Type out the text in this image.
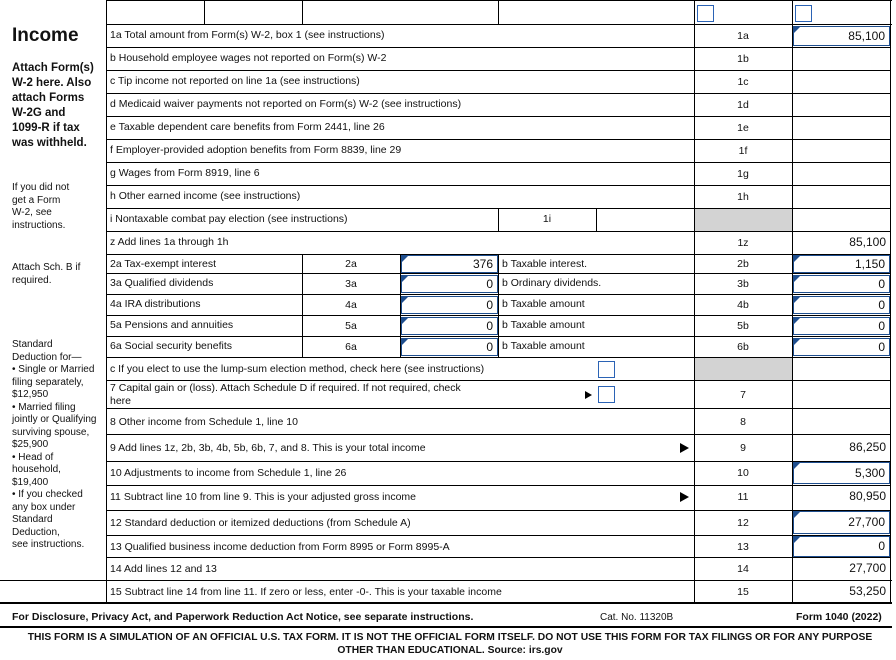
Income
Attach Form(s)
W-2 here. Also
attach Forms
W-2G and
1099-R if tax
was withheld.
If you did not
get a Form
W-2, see
instructions.
Attach Sch. B if
required.
Standard
Deduction for—
• Single or Married
filing separately,
$12,950
• Married filing
jointly or Qualifying
surviving spouse,
$25,900
• Head of
household,
$19,400
• If you checked
any box under
Standard
Deduction,
see instructions.
1a Total amount from Form(s) W-2, box 1 (see instructions)	1a	85,100
b Household employee wages not reported on Form(s) W-2	1b
c Tip income not reported on line 1a (see instructions)	1c
d Medicaid waiver payments not reported on Form(s) W-2 (see instructions)	1d
e Taxable dependent care benefits from Form 2441, line 26	1e
f Employer-provided adoption benefits from Form 8839, line 29	1f
g Wages from Form 8919, line 6	1g
h Other earned income (see instructions)	1h
i Nontaxable combat pay election (see instructions)	1i
z Add lines 1a through 1h	1z	85,100
2a Tax-exempt interest	2a	376 b Taxable interest.	2b	1,150
3a Qualified dividends	3a	0 b Ordinary dividends.	3b	0
4a IRA distributions	4a	0 b Taxable amount	4b	0
5a Pensions and annuities	5a	0 b Taxable amount	5b	0
6a Social security benefits	6a	0 b Taxable amount	6b	0
c If you elect to use the lump-sum election method, check here (see instructions)
7 Capital gain or (loss). Attach Schedule D if required. If not required, check
here	7
8 Other income from Schedule 1, line 10	8
9 Add lines 1z, 2b, 3b, 4b, 5b, 6b, 7, and 8. This is your total income	9	86,250
10 Adjustments to income from Schedule 1, line 26	10	5,300
11 Subtract line 10 from line 9. This is your adjusted gross income	11	80,950
12 Standard deduction or itemized deductions (from Schedule A)	12	27,700
13 Qualified business income deduction from Form 8995 or Form 8995-A	13	0
14 Add lines 12 and 13	14	27,700
15 Subtract line 14 from line 11. If zero or less, enter -0-. This is your taxable income	15	53,250
For Disclosure, Privacy Act, and Paperwork Reduction Act Notice, see separate instructions.	Cat. No. 11320B	Form 1040 (2022)
THIS FORM IS A SIMULATION OF AN OFFICIAL U.S. TAX FORM. IT IS NOT THE OFFICIAL FORM ITSELF. DO NOT USE THIS FORM FOR TAX FILINGS OR FOR ANY PURPOSE OTHER THAN EDUCATIONAL. Source: irs.gov
